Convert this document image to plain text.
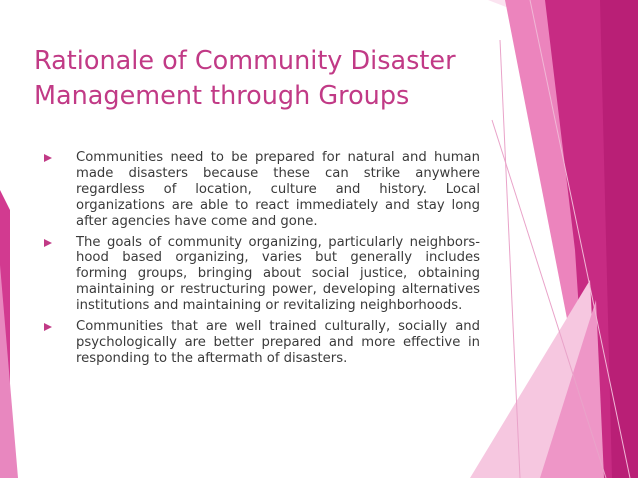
Rationale of Community Disaster
Management through Groups
Communities need to be prepared for natural and human made disasters because these can strike anywhere regardless of location, culture and history. Local organizations are able to react immediately and stay long after agencies have come and gone.
The goals of community organizing, particularly neighbors-hood based organizing, varies but generally includes forming groups, bringing about social justice, obtaining maintaining or restructuring power, developing alternatives institutions and maintaining or revitalizing neighborhoods.
Communities that are well trained culturally, socially and psychologically are better prepared and more effective in responding to the aftermath of disasters.
